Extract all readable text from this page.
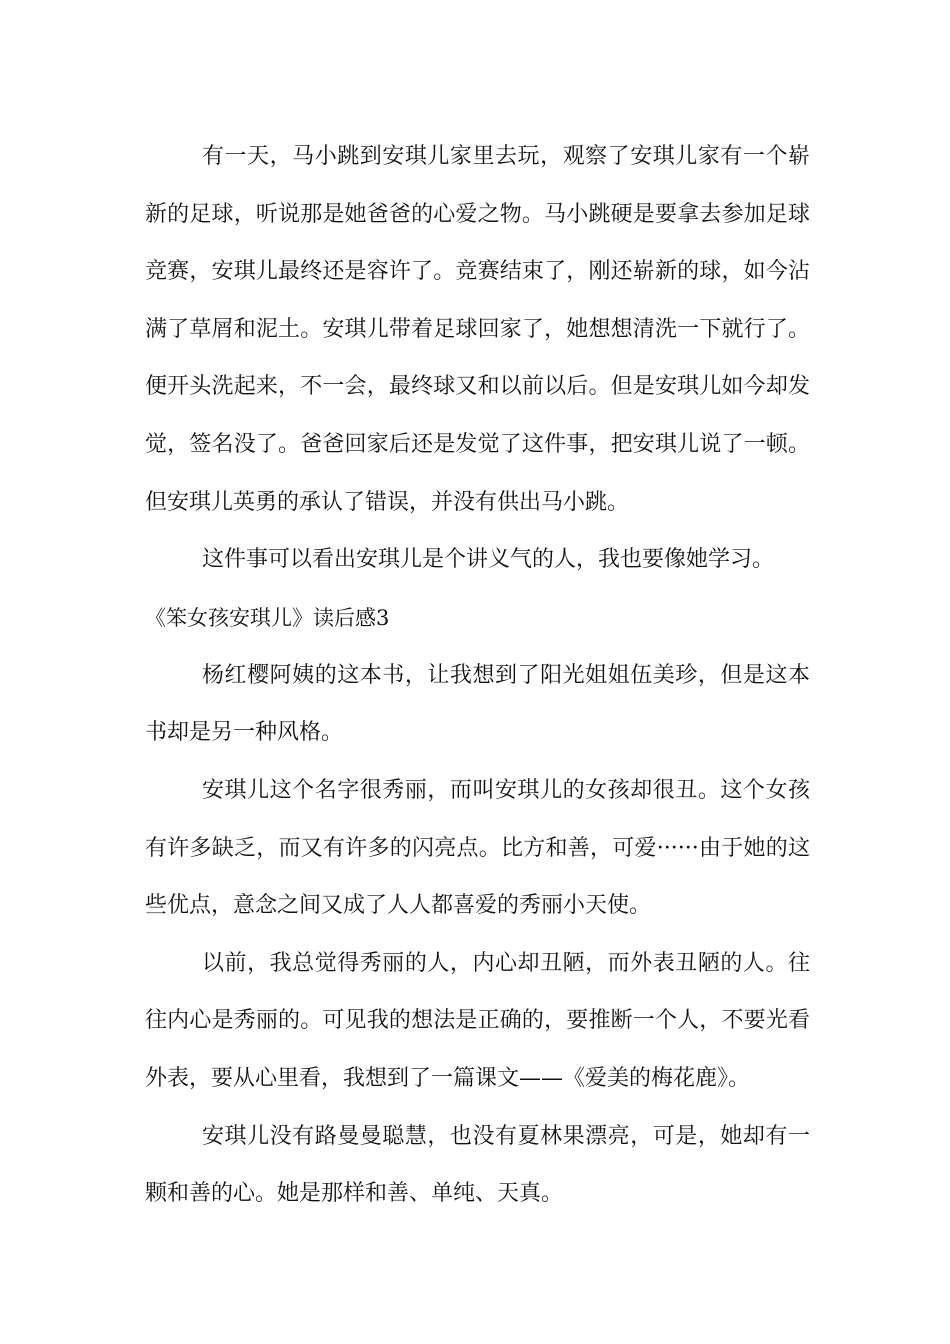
有一天，马小跳到安琪儿家里去玩，观察了安琪儿家有一个崭新的足球，听说那是她爸爸的心爱之物。马小跳硬是要拿去参加足球竞赛，安琪儿最终还是容许了。竞赛结束了，刚还崭新的球，如今沾满了草屑和泥土。安琪儿带着足球回家了，她想想清洗一下就行了。便开头洗起来，不一会，最终球又和以前以后。但是安琪儿如今却发觉，签名没了。爸爸回家后还是发觉了这件事，把安琪儿说了一顿。但安琪儿英勇的承认了错误，并没有供出马小跳。

这件事可以看出安琪儿是个讲义气的人，我也要像她学习。

《笨女孩安琪儿》读后感3

杨红樱阿姨的这本书，让我想到了阳光姐姐伍美珍，但是这本书却是另一种风格。

安琪儿这个名字很秀丽，而叫安琪儿的女孩却很丑。这个女孩有许多缺乏，而又有许多的闪亮点。比方和善，可爱······由于她的这些优点，意念之间又成了人人都喜爱的秀丽小天使。

以前，我总觉得秀丽的人，内心却丑陋，而外表丑陋的人。往往内心是秀丽的。可见我的想法是正确的，要推断一个人，不要光看外表，要从心里看，我想到了一篇课文——《爱美的梅花鹿》。

安琪儿没有路曼曼聪慧，也没有夏林果漂亮，可是，她却有一颗和善的心。她是那样和善、单纯、天真。
